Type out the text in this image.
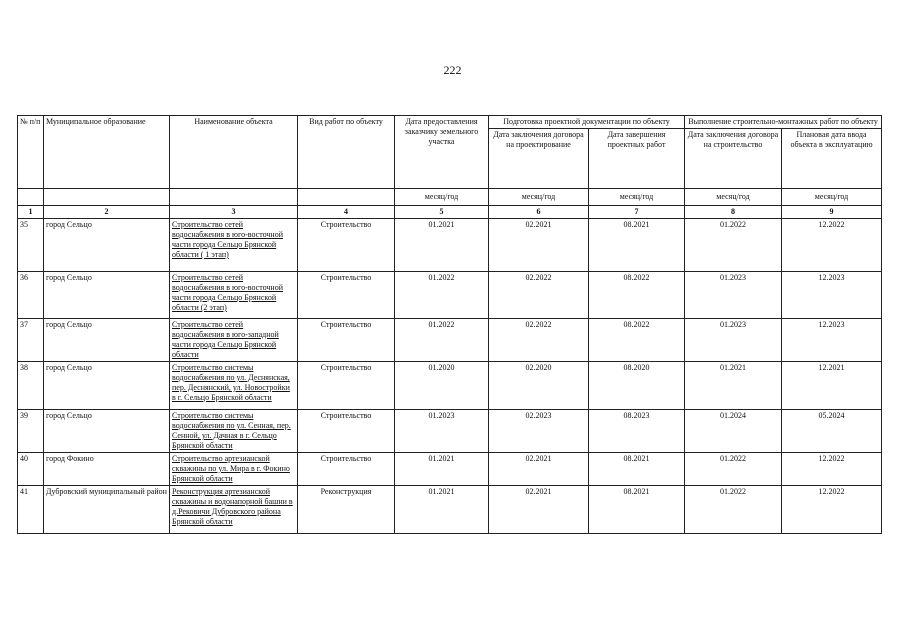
222
№ п/п	Муниципальное образование	Наименование объекта	Вид работ по объекту	Дата предоставления заказчику земельного участка	Подготовка проектной документации по объекту		Выполнение строительно-монтажных работ по объекту	
					Дата заключения договора на проектирование	Дата завершения проектных работ	Дата заключения договора на строительство	Плановая дата ввода объекта в эксплуатацию
				месяц/год	месяц/год	месяц/год	месяц/год	месяц/год
1	2	3	4	5	6	7	8	9
35	город Сельцо	Строительство сетей водоснабжения в юго-восточной части города Сельцо Брянской области ( 1 этап)	Строительство	01.2021	02.2021	08.2021	01.2022	12.2022
36	город Сельцо	Строительство сетей водоснабжения в юго-восточной части города Сельцо Брянской области (2 этап)	Строительство	01.2022	02.2022	08.2022	01.2023	12.2023
37	город Сельцо	Строительство сетей водоснабжения в юго-западной части города Сельцо Брянской области	Строительство	01.2022	02.2022	08.2022	01.2023	12.2023
38	город Сельцо	Строительство системы водоснабжения по ул. Деснянская, пер. Деснянский, ул. Новостройки в г. Сельцо Брянской области	Строительство	01.2020	02.2020	08.2020	01.2021	12.2021
39	город Сельцо	Строительство системы водоснабжения по ул. Сенная, пер. Сенной, ул. Дачная в г. Сельцо Брянской области	Строительство	01.2023	02.2023	08.2023	01.2024	05.2024
40	город Фокино	Строительство артезианской скважины по ул. Мира в г. Фокино Брянской области	Строительство	01.2021	02.2021	08.2021	01.2022	12.2022
41	Дубровский муниципальный район	Реконструкция артезианской скважины и водонапорной башни в д.Рековичи Дубровского района Брянской области	Реконструкция	01.2021	02.2021	08.2021	01.2022	12.2022
